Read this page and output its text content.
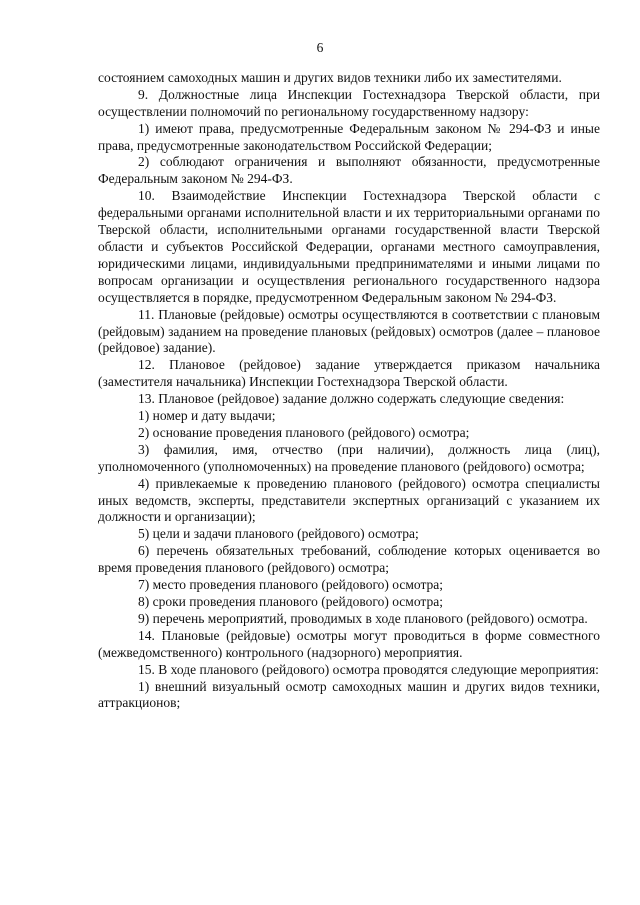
6

состоянием самоходных машин и других видов техники либо их заместителями.

9. Должностные лица Инспекции Гостехнадзора Тверской области, при осуществлении полномочий по региональному государственному надзору:

1) имеют права, предусмотренные Федеральным законом № 294-ФЗ и иные права, предусмотренные законодательством Российской Федерации;

2) соблюдают ограничения и выполняют обязанности, предусмотренные Федеральным законом № 294-ФЗ.

10. Взаимодействие Инспекции Гостехнадзора Тверской области с федеральными органами исполнительной власти и их территориальными органами по Тверской области, исполнительными органами государственной власти Тверской области и субъектов Российской Федерации, органами местного самоуправления, юридическими лицами, индивидуальными предпринимателями и иными лицами по вопросам организации и осуществления регионального государственного надзора осуществляется в порядке, предусмотренном Федеральным законом № 294-ФЗ.

11. Плановые (рейдовые) осмотры осуществляются в соответствии с плановым (рейдовым) заданием на проведение плановых (рейдовых) осмотров (далее – плановое (рейдовое) задание).

12. Плановое (рейдовое) задание утверждается приказом начальника (заместителя начальника) Инспекции Гостехнадзора Тверской области.

13. Плановое (рейдовое) задание должно содержать следующие сведения:

1) номер и дату выдачи;

2) основание проведения планового (рейдового) осмотра;

3) фамилия, имя, отчество (при наличии), должность лица (лиц), уполномоченного (уполномоченных) на проведение планового (рейдового) осмотра;

4) привлекаемые к проведению планового (рейдового) осмотра специалисты иных ведомств, эксперты, представители экспертных организаций с указанием их должности и организации);

5) цели и задачи планового (рейдового) осмотра;

6) перечень обязательных требований, соблюдение которых оценивается во время проведения планового (рейдового) осмотра;

7) место проведения планового (рейдового) осмотра;

8) сроки проведения планового (рейдового) осмотра;

9) перечень мероприятий, проводимых в ходе планового (рейдового) осмотра.

14. Плановые (рейдовые) осмотры могут проводиться в форме совместного (межведомственного) контрольного (надзорного) мероприятия.

15. В ходе планового (рейдового) осмотра проводятся следующие мероприятия:

1) внешний визуальный осмотр самоходных машин и других видов техники, аттракционов;
